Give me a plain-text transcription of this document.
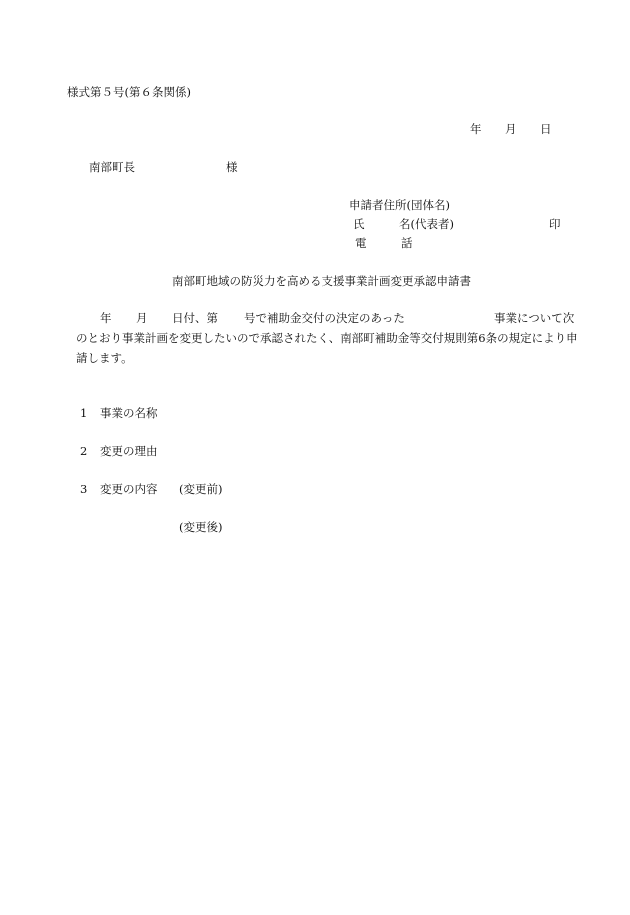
様式第５号(第６条関係)
年 月 日
南部町長	様
申請者住所(団体名)
氏	名(代表者)	印
電	話
南部町地域の防災力を高める支援事業計画変更承認申請書
年 月 日付、第 号で補助金交付の決定のあった	事業について次
のとおり事業計画を変更したいので承認されたく、南部町補助金等交付規則第6条の規定により申
請します。
1 事業の名称
2 変更の理由
3 変更の内容 (変更前)
(変更後)
